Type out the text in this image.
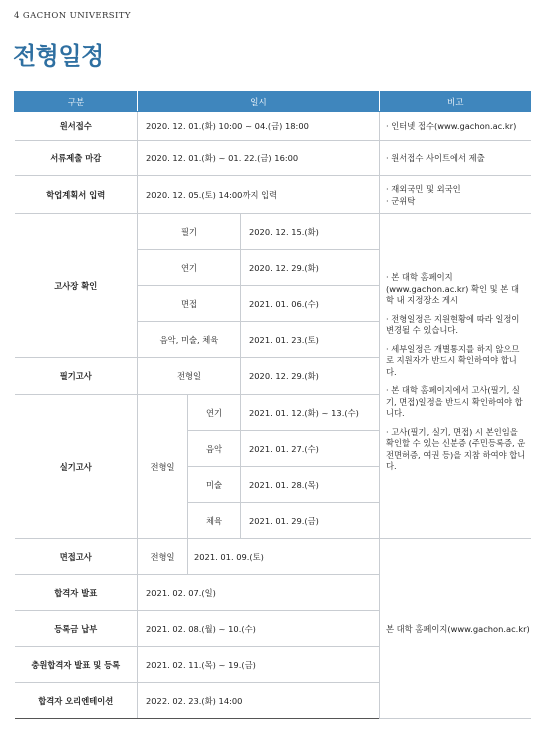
4 GACHON UNIVERSITY
전형일정
구분	일시			비고
원서접수	2020. 12. 01.(화) 10:00 ~ 04.(금) 18:00			· 인터넷 접수(www.gachon.ac.kr)
서류제출 마감	2020. 12. 01.(화) ~ 01. 22.(금) 16:00			· 원서접수 사이트에서 제출
학업계획서 입력	2020. 12. 05.(토) 14:00까지 입력			· 재외국민 및 외국인

· 군위탁

고사장 확인	필기		2020. 12. 15.(화)	· 본 대학 홈페이지 (www.gachon.ac.kr) 확인 및 본 대학 내 지정장소 게시

· 전형일정은 지원현황에 따라 일정이 변경될 수 있습니다.

· 세부일정은 개별통지를 하지 않으므로 지원자가 반드시 확인하여야 합니다.

· 본 대학 홈페이지에서 고사(필기, 실기, 면접)일정을 반드시 확인하여야 합니다.

· 고사(필기, 실기, 면접) 시 본인임을 확인할 수 있는 신분증 (주민등록증, 운전면허증, 여권 등)을 지참 하여야 합니다.

	연기		2020. 12. 29.(화)	
	면접		2021. 01. 06.(수)	
	음악, 미술, 체육		2021. 01. 23.(토)	
필기고사	전형일		2020. 12. 29.(화)	
실기고사	전형일	연기	2021. 01. 12.(화) ~ 13.(수)	
		음악	2021. 01. 27.(수)	
		미술	2021. 01. 28.(목)	
		체육	2021. 01. 29.(금)	
면접고사	전형일	2021. 01. 09.(토)		본 대학 홈페이지(www.gachon.ac.kr)
합격자 발표	2021. 02. 07.(일)			
등록금 납부	2021. 02. 08.(월) ~ 10.(수)			
충원합격자 발표 및 등록	2021. 02. 11.(목) ~ 19.(금)			
합격자 오리엔테이션	2022. 02. 23.(화) 14:00			
